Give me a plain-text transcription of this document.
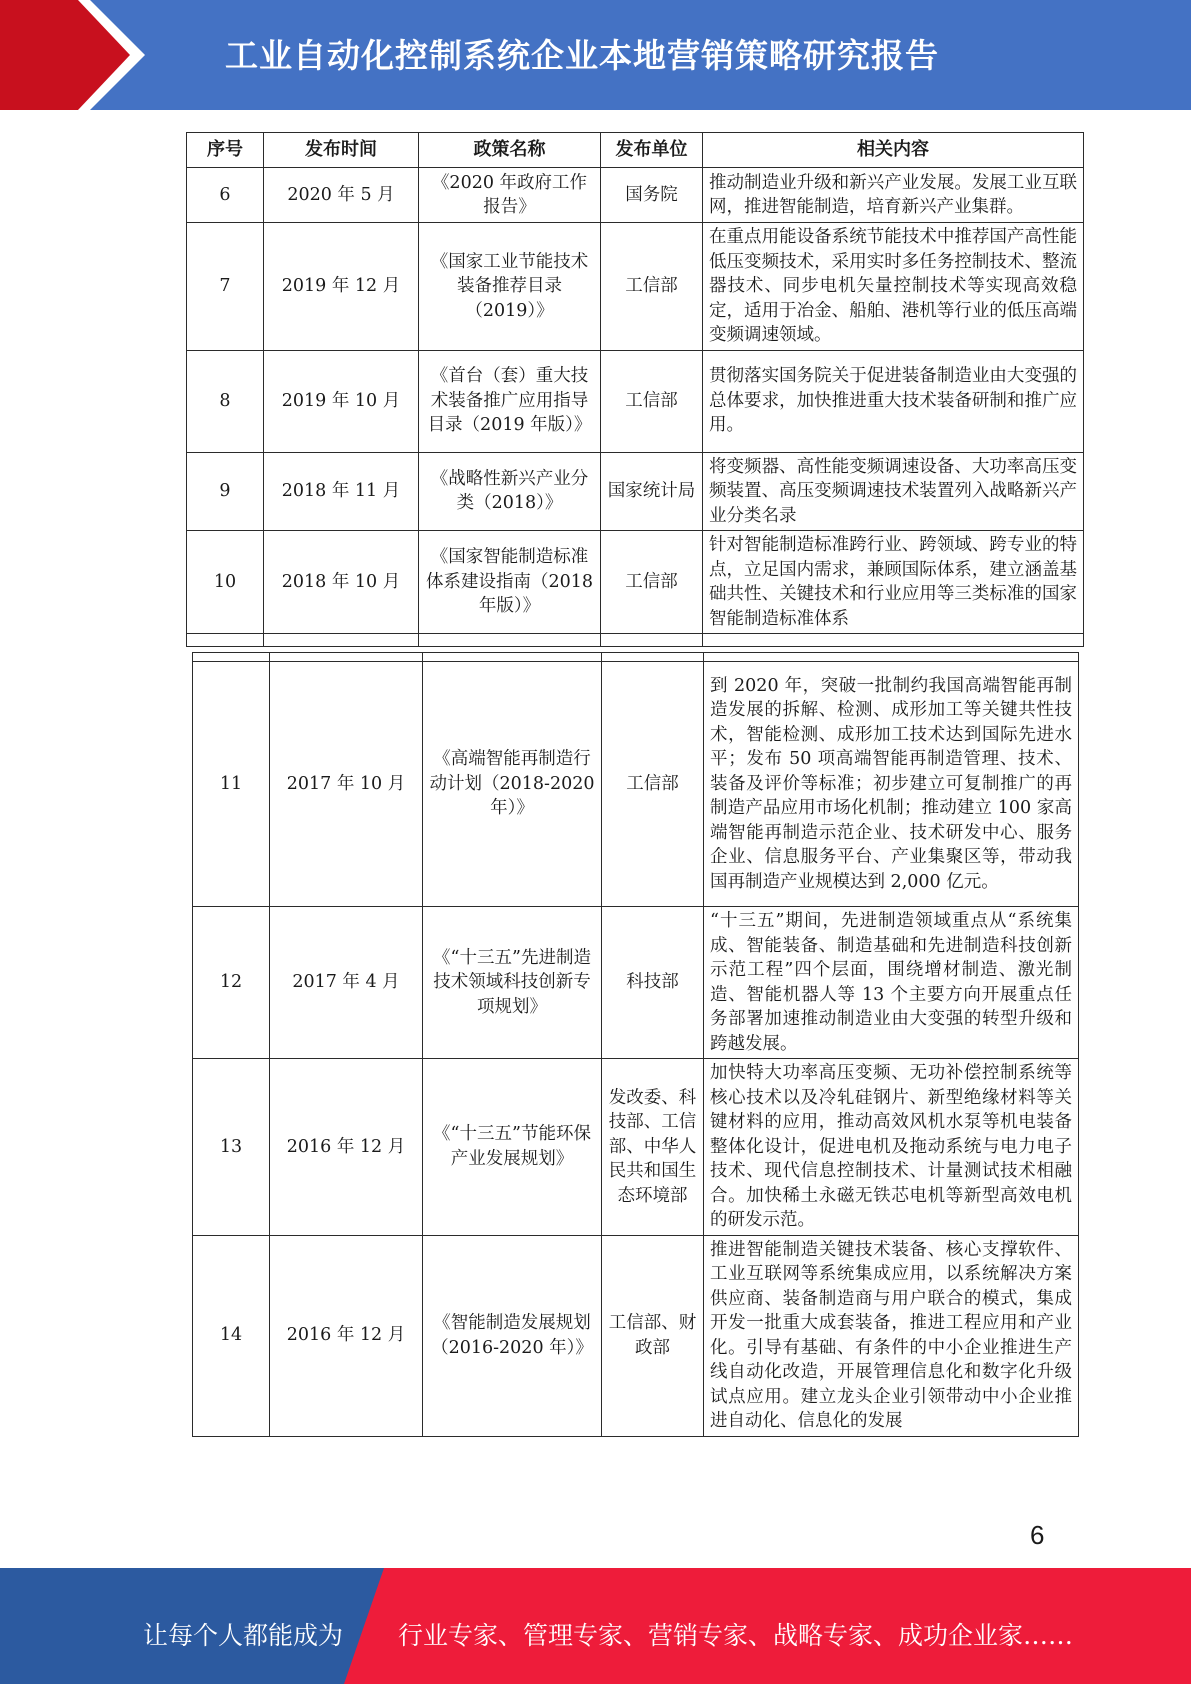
工业自动化控制系统企业本地营销策略研究报告
序号	发布时间	政策名称	发布单位	相关内容
6	2020 年 5 月	《2020 年政府工作报告》	国务院	推动制造业升级和新兴产业发展。发展工业互联网，推进智能制造，培育新兴产业集群。
7	2019 年 12 月	《国家工业节能技术装备推荐目录（2019）》	工信部	在重点用能设备系统节能技术中推荐国产高性能低压变频技术，采用实时多任务控制技术、整流器技术、同步电机矢量控制技术等实现高效稳定，适用于冶金、船舶、港机等行业的低压高端变频调速领域。
8	2019 年 10 月	《首台（套）重大技术装备推广应用指导目录（2019 年版）》	工信部	贯彻落实国务院关于促进装备制造业由大变强的总体要求，加快推进重大技术装备研制和推广应用。
9	2018 年 11 月	《战略性新兴产业分类（2018）》	国家统计局	将变频器、高性能变频调速设备、大功率高压变频装置、高压变频调速技术装置列入战略新兴产业分类名录
10	2018 年 10 月	《国家智能制造标准体系建设指南（2018 年版）》	工信部	针对智能制造标准跨行业、跨领域、跨专业的特点，立足国内需求，兼顾国际体系，建立涵盖基础共性、关键技术和行业应用等三类标准的国家智能制造标准体系

11	2017 年 10 月	《高端智能再制造行动计划（2018-2020 年）》	工信部	到 2020 年，突破一批制约我国高端智能再制造发展的拆解、检测、成形加工等关键共性技术，智能检测、成形加工技术达到国际先进水平；发布 50 项高端智能再制造管理、技术、装备及评价等标准；初步建立可复制推广的再制造产品应用市场化机制；推动建立 100 家高端智能再制造示范企业、技术研发中心、服务企业、信息服务平台、产业集聚区等，带动我国再制造产业规模达到 2,000 亿元。
12	2017 年 4 月	《“十三五”先进制造技术领域科技创新专项规划》	科技部	“十三五”期间，先进制造领域重点从“系统集成、智能装备、制造基础和先进制造科技创新示范工程”四个层面，围绕增材制造、激光制造、智能机器人等 13 个主要方向开展重点任务部署加速推动制造业由大变强的转型升级和跨越发展。
13	2016 年 12 月	《“十三五”节能环保产业发展规划》	发改委、科技部、工信部、中华人民共和国生态环境部	加快特大功率高压变频、无功补偿控制系统等核心技术以及冷轧硅钢片、新型绝缘材料等关键材料的应用，推动高效风机水泵等机电装备整体化设计，促进电机及拖动系统与电力电子技术、现代信息控制技术、计量测试技术相融合。加快稀土永磁无铁芯电机等新型高效电机的研发示范。
14	2016 年 12 月	《智能制造发展规划（2016-2020 年）》	工信部、财政部	推进智能制造关键技术装备、核心支撑软件、工业互联网等系统集成应用，以系统解决方案供应商、装备制造商与用户联合的模式，集成开发一批重大成套装备，推进工程应用和产业化。引导有基础、有条件的中小企业推进生产线自动化改造，开展管理信息化和数字化升级试点应用。建立龙头企业引领带动中小企业推进自动化、信息化的发展
6
让每个人都能成为 行业专家、管理专家、营销专家、战略专家、成功企业家……
